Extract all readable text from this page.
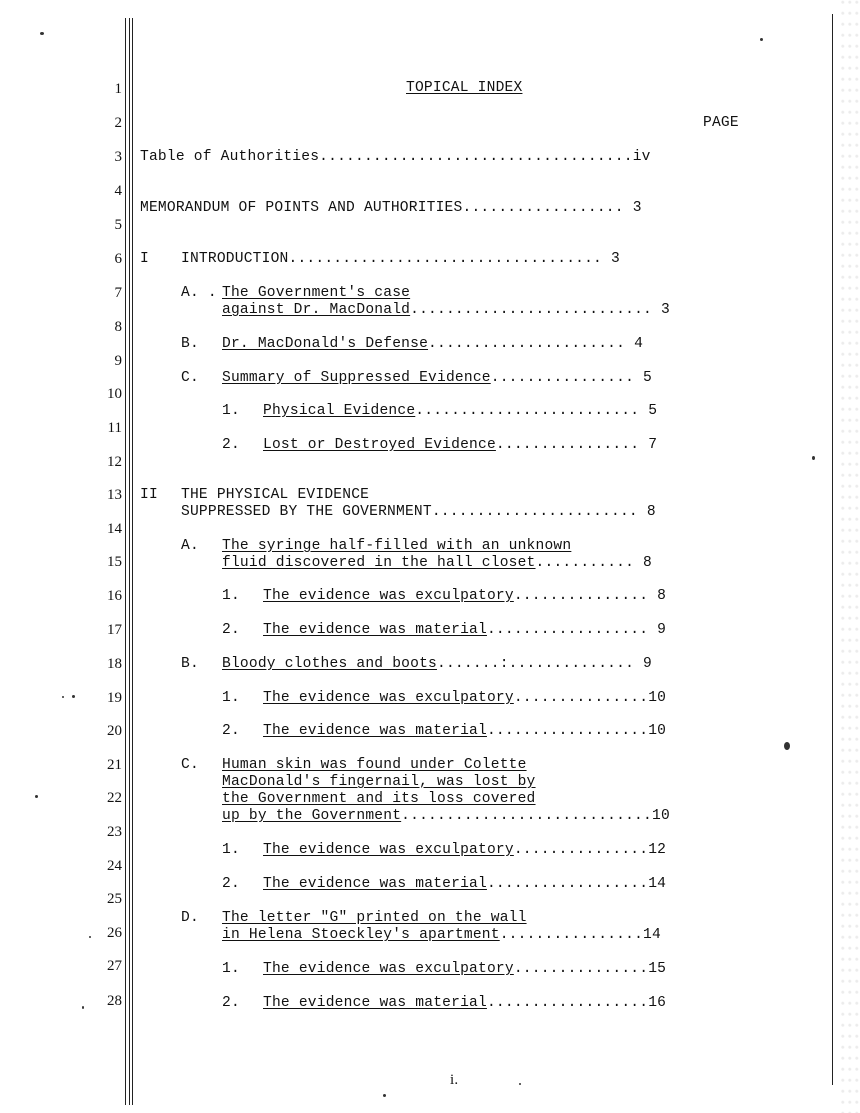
1
2
3
4
5
6
7
8
9
10
11
12
13
14
15
16
17
18
19
20
21
22
23
24
25
26
27
28
TOPICAL INDEX
PAGE
Table of Authorities...................................iv
MEMORANDUM OF POINTS AND AUTHORITIES.................. 3
I INTRODUCTION................................... 3
A. . The Government's case
against Dr. MacDonald........................... 3
B. Dr. MacDonald's Defense...................... 4
C. Summary of Suppressed Evidence................ 5
1. Physical Evidence......................... 5
2. Lost or Destroyed Evidence................ 7
II THE PHYSICAL EVIDENCE
SUPPRESSED BY THE GOVERNMENT....................... 8
A. The syringe half-filled with an unknown
fluid discovered in the hall closet........... 8
1. The evidence was exculpatory............... 8
2. The evidence was material.................. 9
B. Bloody clothes and boots.......:.............. 9
1. The evidence was exculpatory...............10
2. The evidence was material..................10
C. Human skin was found under Colette
MacDonald's fingernail, was lost by
the Government and its loss covered
up by the Government............................10
1. The evidence was exculpatory...............12
2. The evidence was material..................14
D. The letter "G" printed on the wall
in Helena Stoeckley's apartment................14
1. The evidence was exculpatory...............15
2. The evidence was material..................16
i.
